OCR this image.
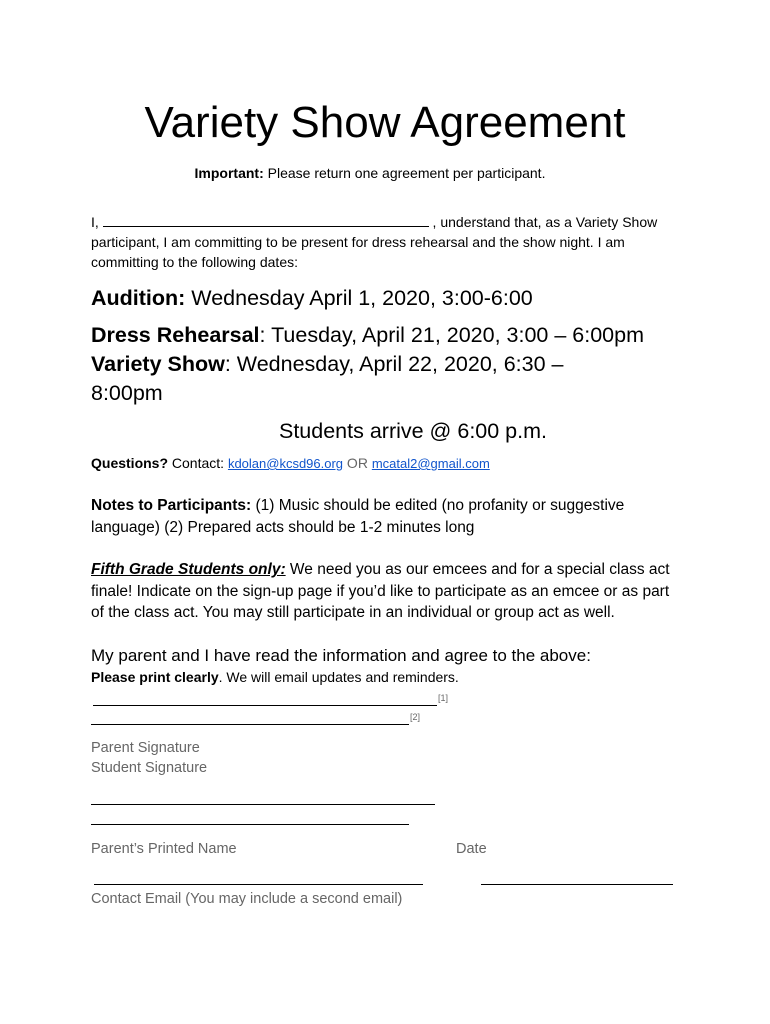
Variety Show Agreement

Important: Please return one agreement per participant.

I,	, understand that, as a Variety Show participant, I am committing to be present for dress rehearsal and the show night. I am committing to the following dates:

Audition: Wednesday April 1, 2020, 3:00-6:00

Dress Rehearsal: Tuesday, April 21, 2020, 3:00 – 6:00pm

Variety Show: Wednesday, April 22, 2020, 6:30 –

8:00pm

Students arrive @ 6:00 p.m.

Questions? Contact: kdolan@kcsd96.org OR mcatal2@gmail.com

Notes to Participants: (1) Music should be edited (no profanity or suggestive language) (2) Prepared acts should be 1-2 minutes long

Fifth Grade Students only: We need you as our emcees and for a special class act finale! Indicate on the sign-up page if you’d like to participate as an emcee or as part of the class act. You may still participate in an individual or group act as well.

My parent and I have read the information and agree to the above:

Please print clearly. We will email updates and reminders.

[1]
[2]
Parent Signature
Student Signature
Parent’s Printed Name	Date
Contact Email (You may include a second email)
